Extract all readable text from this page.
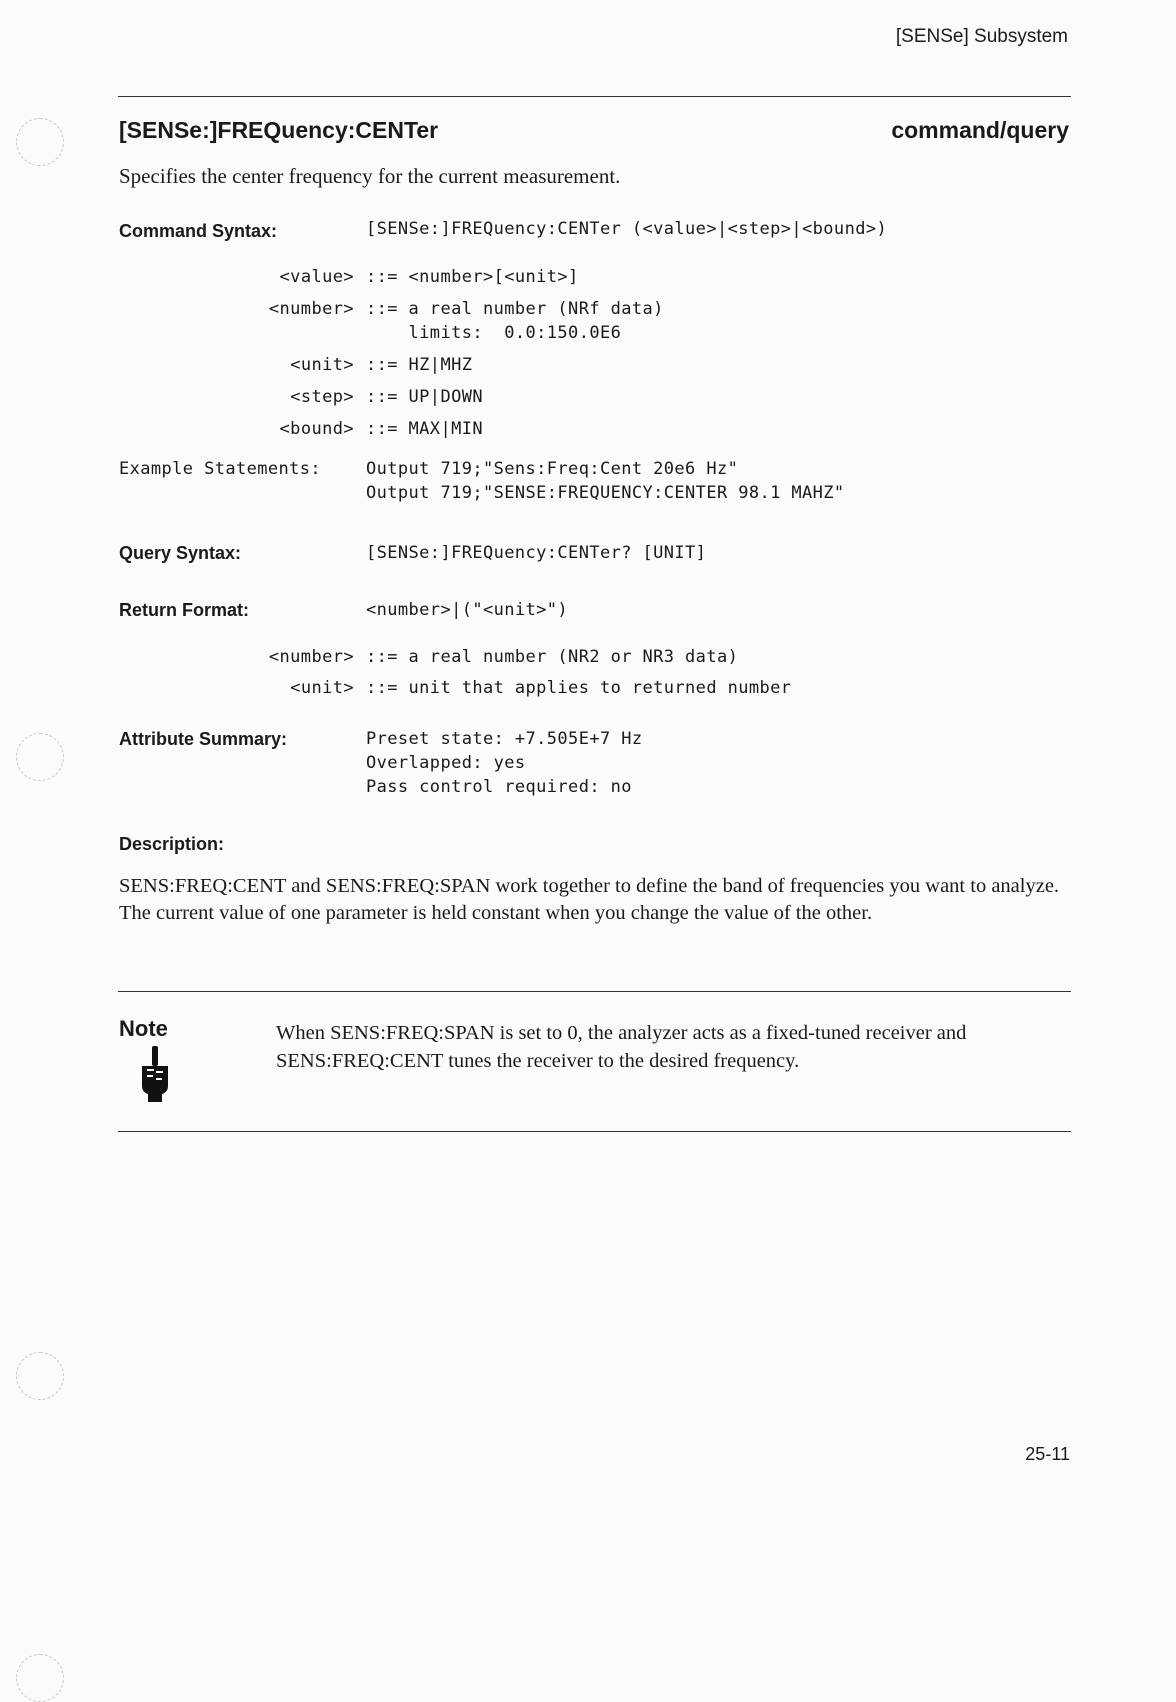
[SENSe] Subsystem
[SENSe:]FREQuency:CENTer	command/query
Specifies the center frequency for the current measurement.
Command Syntax:	[SENSe:]FREQuency:CENTer (<value>|<step>|<bound>)
<value> ::= <number>[<unit>]
<number> ::= a real number (NRf data)
limits:  0.0:150.0E6
<unit> ::= HZ|MHZ
<step> ::= UP|DOWN
<bound> ::= MAX|MIN
Example Statements:	Output 719;"Sens:Freq:Cent 20e6 Hz"
Output 719;"SENSE:FREQUENCY:CENTER 98.1 MAHZ"
Query Syntax:	[SENSe:]FREQuency:CENTer? [UNIT]
Return Format:	<number>|("<unit>")
<number> ::= a real number (NR2 or NR3 data)
<unit> ::= unit that applies to returned number
Attribute Summary:	Preset state: +7.505E+7 Hz
Overlapped: yes
Pass control required: no
Description:
SENS:FREQ:CENT and SENS:FREQ:SPAN work together to define the band of frequencies you want to analyze. The current value of one parameter is held constant when you change the value of the other.
Note	When SENS:FREQ:SPAN is set to 0, the analyzer acts as a fixed-tuned receiver and SENS:FREQ:CENT tunes the receiver to the desired frequency.
25-11
